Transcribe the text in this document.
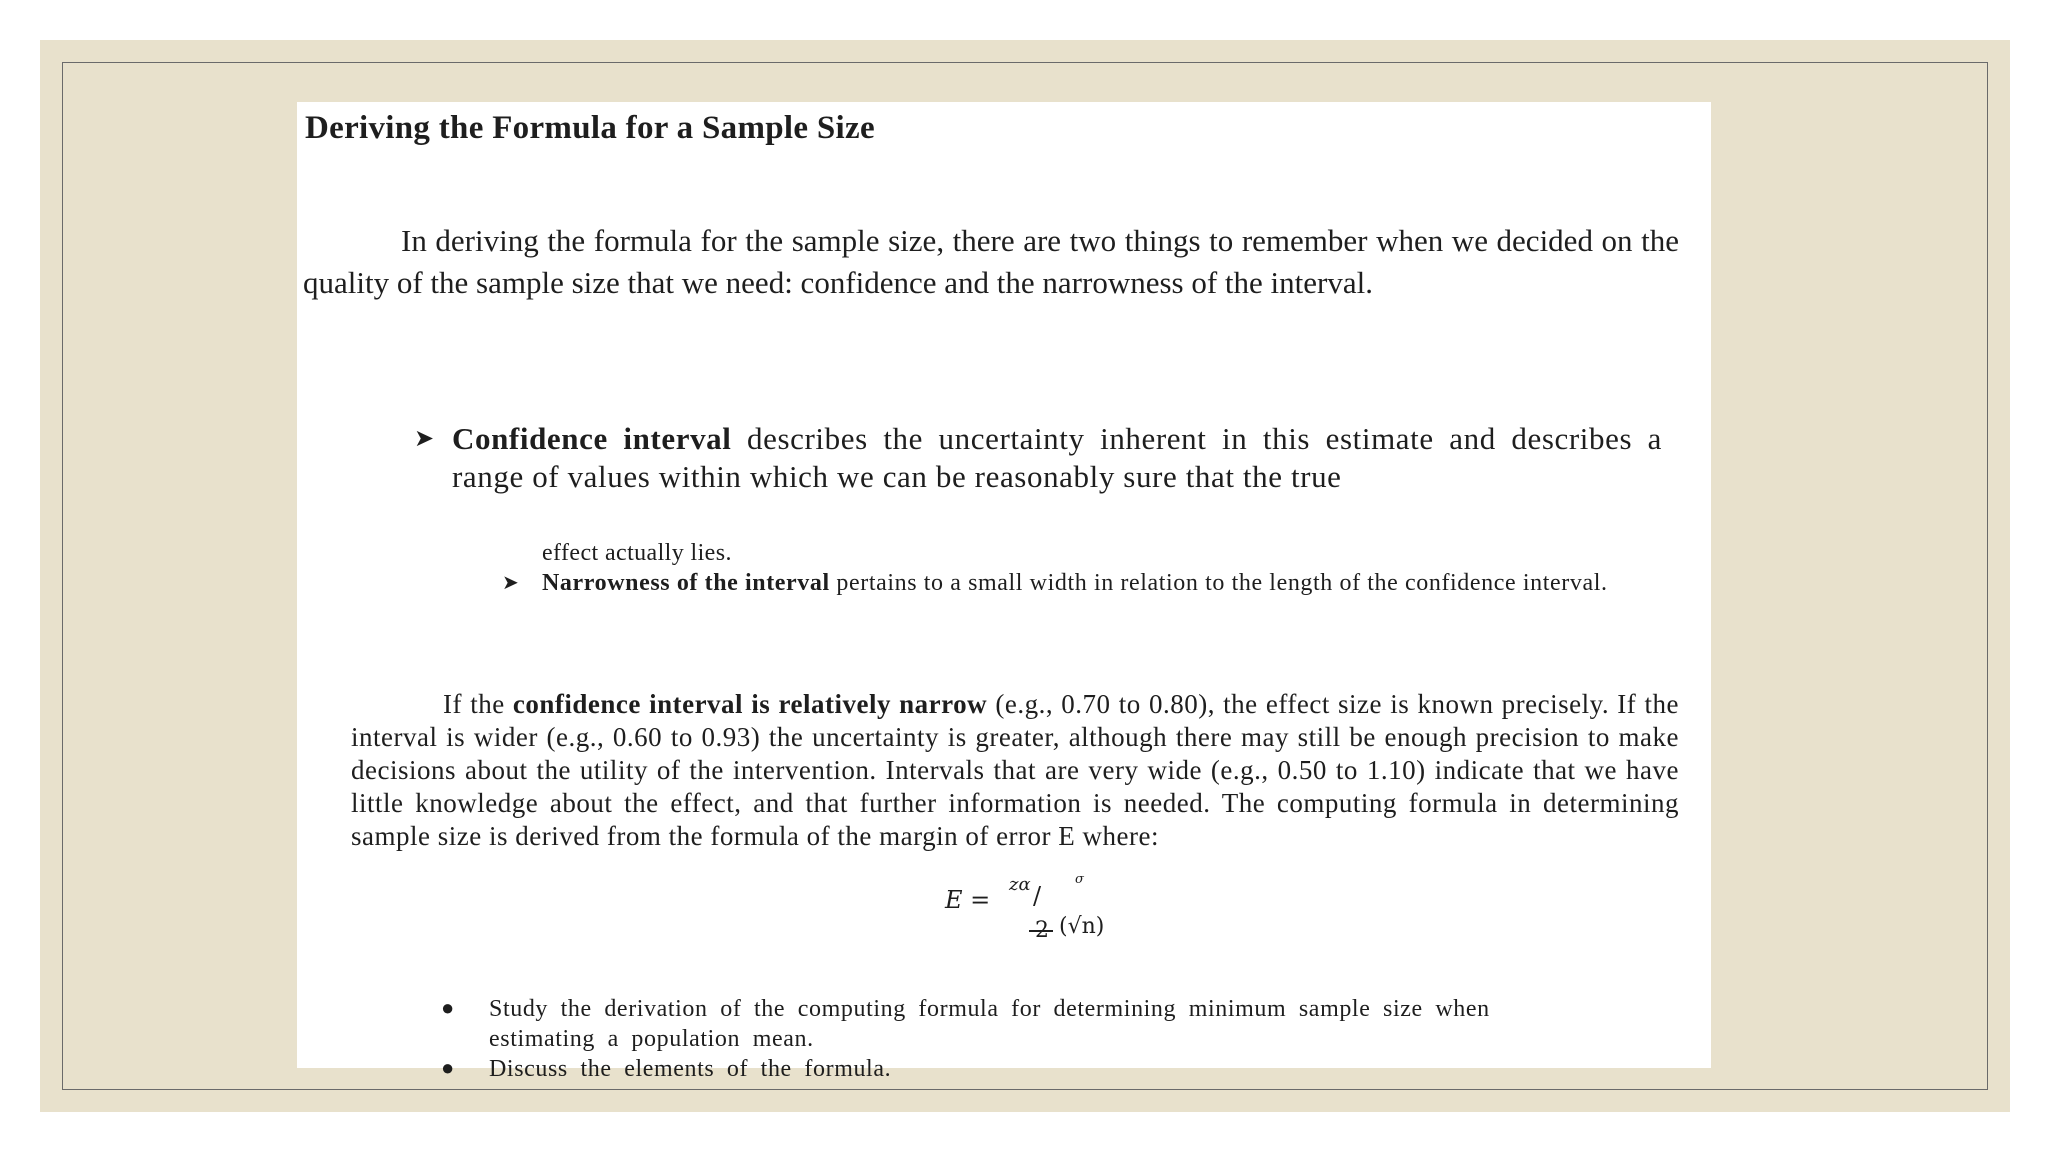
Deriving the Formula for a Sample Size
In deriving the formula for the sample size, there are two things to remember when we decided on the quality of the sample size that we need: confidence and the narrowness of the interval.
➤ Confidence interval describes the uncertainty inherent in this estimate and describes a range of values within which we can be reasonably sure that the true
effect actually lies.
➤ Narrowness of the interval pertains to a small width in relation to the length of the confidence interval.
If the confidence interval is relatively narrow (e.g., 0.70 to 0.80), the effect size is known precisely. If the interval is wider (e.g., 0.60 to 0.93) the uncertainty is greater, although there may still be enough precision to make decisions about the utility of the intervention. Intervals that are very wide (e.g., 0.50 to 1.10) indicate that we have little knowledge about the effect, and that further information is needed. The computing formula in determining sample size is derived from the formula of the margin of error E where:
E =
zα /
σ
2 (√n)
● Study the derivation of the computing formula for determining minimum sample size when estimating a population mean.
● Discuss the elements of the formula.
